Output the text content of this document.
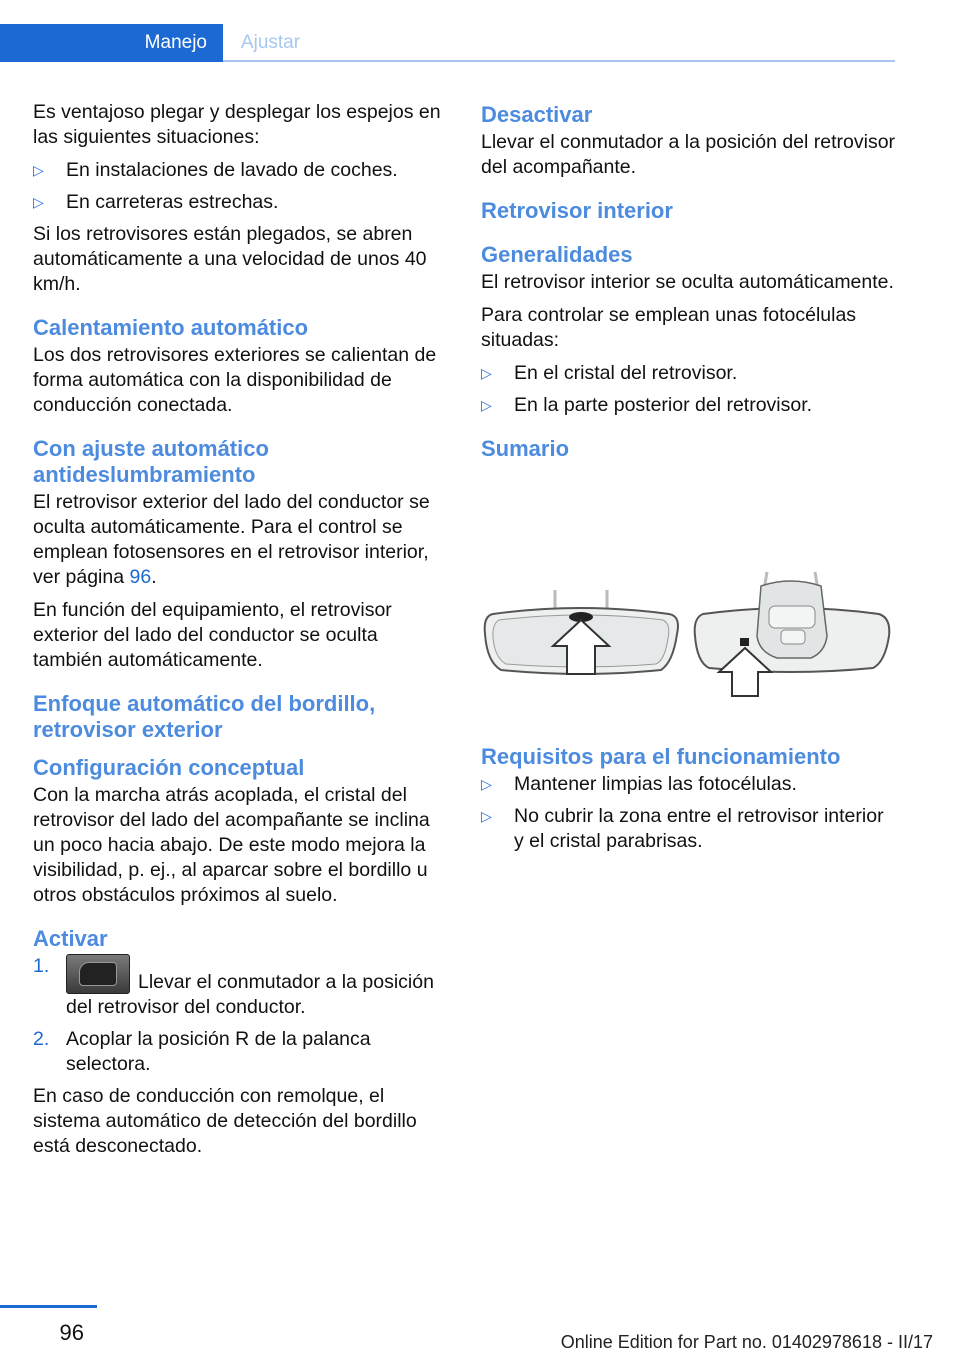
Manejo Ajustar

Es ventajoso plegar y desplegar los espejos en las siguientes situaciones:

▷ En instalaciones de lavado de coches.
▷ En carreteras estrechas.

Si los retrovisores están plegados, se abren automáticamente a una velocidad de unos 40 km/h.

Calentamiento automático

Los dos retrovisores exteriores se calientan de forma automática con la disponibilidad de conducción conectada.

Con ajuste automático antideslumbramiento

El retrovisor exterior del lado del conductor se oculta automáticamente. Para el control se emplean fotosensores en el retrovisor interior, ver página 96.

En función del equipamiento, el retrovisor exterior del lado del conductor se oculta también automáticamente.

Enfoque automático del bordillo, retrovisor exterior
Configuración conceptual

Con la marcha atrás acoplada, el cristal del retrovisor del lado del acompañante se inclina un poco hacia abajo. De este modo mejora la visibilidad, p. ej., al aparcar sobre el bordillo u otros obstáculos próximos al suelo.

Activar
1.
Llevar el conmutador a la posición del retrovisor del conductor.
2. Acoplar la posición R de la palanca selectora.

En caso de conducción con remolque, el sistema automático de detección del bordillo está desconectado.

Desactivar

Llevar el conmutador a la posición del retrovisor del acompañante.

Retrovisor interior
Generalidades

El retrovisor interior se oculta automáticamente.

Para controlar se emplean unas fotocélulas situadas:

▷ En el cristal del retrovisor.
▷ En la parte posterior del retrovisor.
Sumario
Requisitos para el funcionamiento
▷ Mantener limpias las fotocélulas.
▷ No cubrir la zona entre el retrovisor interior y el cristal parabrisas.
96	Online Edition for Part no. 01402978618 - II/17
